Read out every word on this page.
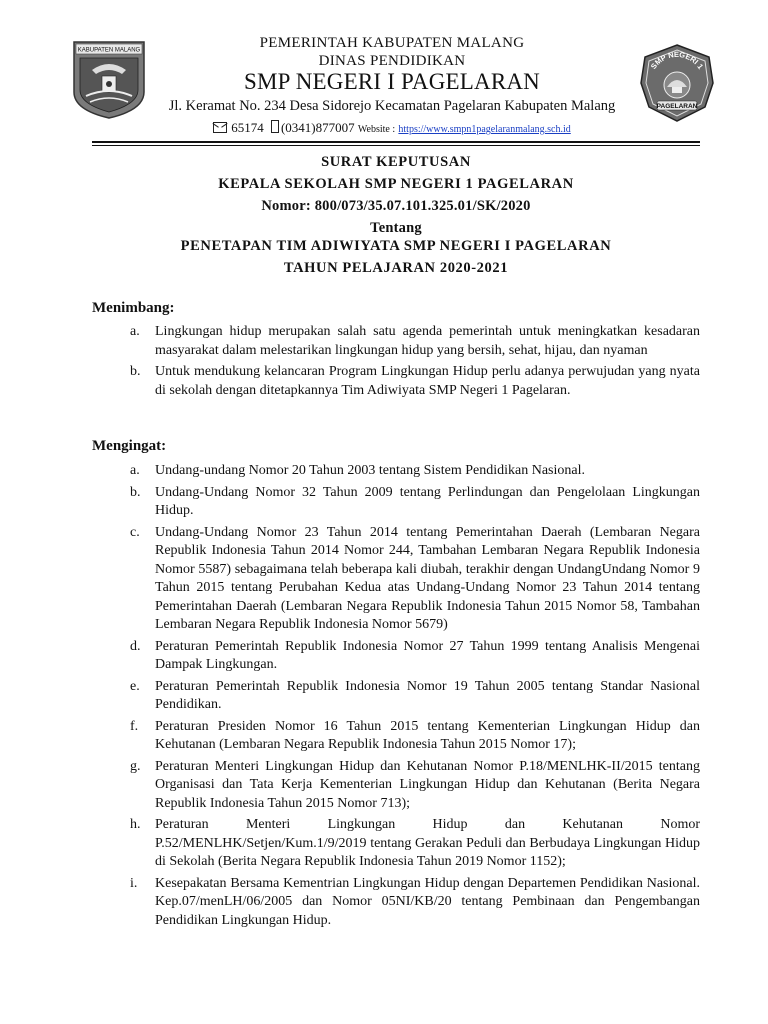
KABUPATEN MALANG	PEMERINTAH KABUPATEN MALANG
DINAS PENDIDIKAN
SMP NEGERI I PAGELARAN
Jl. Keramat No. 234 Desa Sidorejo Kecamatan Pagelaran Kabupaten Malang
65174 (0341)877007 Website : https://www.smpn1pagelaranmalang.sch.id
SMP NEGERI 1
PAGELARAN
SURAT KEPUTUSAN
KEPALA SEKOLAH SMP NEGERI 1 PAGELARAN
Nomor: 800/073/35.07.101.325.01/SK/2020
Tentang
PENETAPAN TIM ADIWIYATA SMP NEGERI I PAGELARAN
TAHUN PELAJARAN 2020-2021
Menimbang:
a. Lingkungan hidup merupakan salah satu agenda pemerintah untuk meningkatkan kesadaran masyarakat dalam melestarikan lingkungan hidup yang bersih, sehat, hijau, dan nyaman
b. Untuk mendukung kelancaran Program Lingkungan Hidup perlu adanya perwujudan yang nyata di sekolah dengan ditetapkannya Tim Adiwiyata SMP Negeri 1 Pagelaran.
Mengingat:
a. Undang-undang Nomor 20 Tahun 2003 tentang Sistem Pendidikan Nasional.
b. Undang-Undang Nomor 32 Tahun 2009 tentang Perlindungan dan Pengelolaan Lingkungan Hidup.
c. Undang-Undang Nomor 23 Tahun 2014 tentang Pemerintahan Daerah (Lembaran Negara Republik Indonesia Tahun 2014 Nomor 244, Tambahan Lembaran Negara Republik Indonesia Nomor 5587) sebagaimana telah beberapa kali diubah, terakhir dengan UndangUndang Nomor 9 Tahun 2015 tentang Perubahan Kedua atas Undang-Undang Nomor 23 Tahun 2014 tentang Pemerintahan Daerah (Lembaran Negara Republik Indonesia Tahun 2015 Nomor 58, Tambahan Lembaran Negara Republik Indonesia Nomor 5679)
d. Peraturan Pemerintah Republik Indonesia Nomor 27 Tahun 1999 tentang Analisis Mengenai Dampak Lingkungan.
e. Peraturan Pemerintah Republik Indonesia Nomor 19 Tahun 2005 tentang Standar Nasional Pendidikan.
f. Peraturan Presiden Nomor 16 Tahun 2015 tentang Kementerian Lingkungan Hidup dan Kehutanan (Lembaran Negara Republik Indonesia Tahun 2015 Nomor 17);
g. Peraturan Menteri Lingkungan Hidup dan Kehutanan Nomor P.18/MENLHK-II/2015 tentang Organisasi dan Tata Kerja Kementerian Lingkungan Hidup dan Kehutanan (Berita Negara Republik Indonesia Tahun 2015 Nomor 713);
h. Peraturan Menteri Lingkungan Hidup dan Kehutanan Nomor P.52/MENLHK/Setjen/Kum.1/9/2019 tentang Gerakan Peduli dan Berbudaya Lingkungan Hidup di Sekolah (Berita Negara Republik Indonesia Tahun 2019 Nomor 1152);
i. Kesepakatan Bersama Kementrian Lingkungan Hidup dengan Departemen Pendidikan Nasional. Kep.07/menLH/06/2005 dan Nomor 05NI/KB/20 tentang Pembinaan dan Pengembangan Pendidikan Lingkungan Hidup.
